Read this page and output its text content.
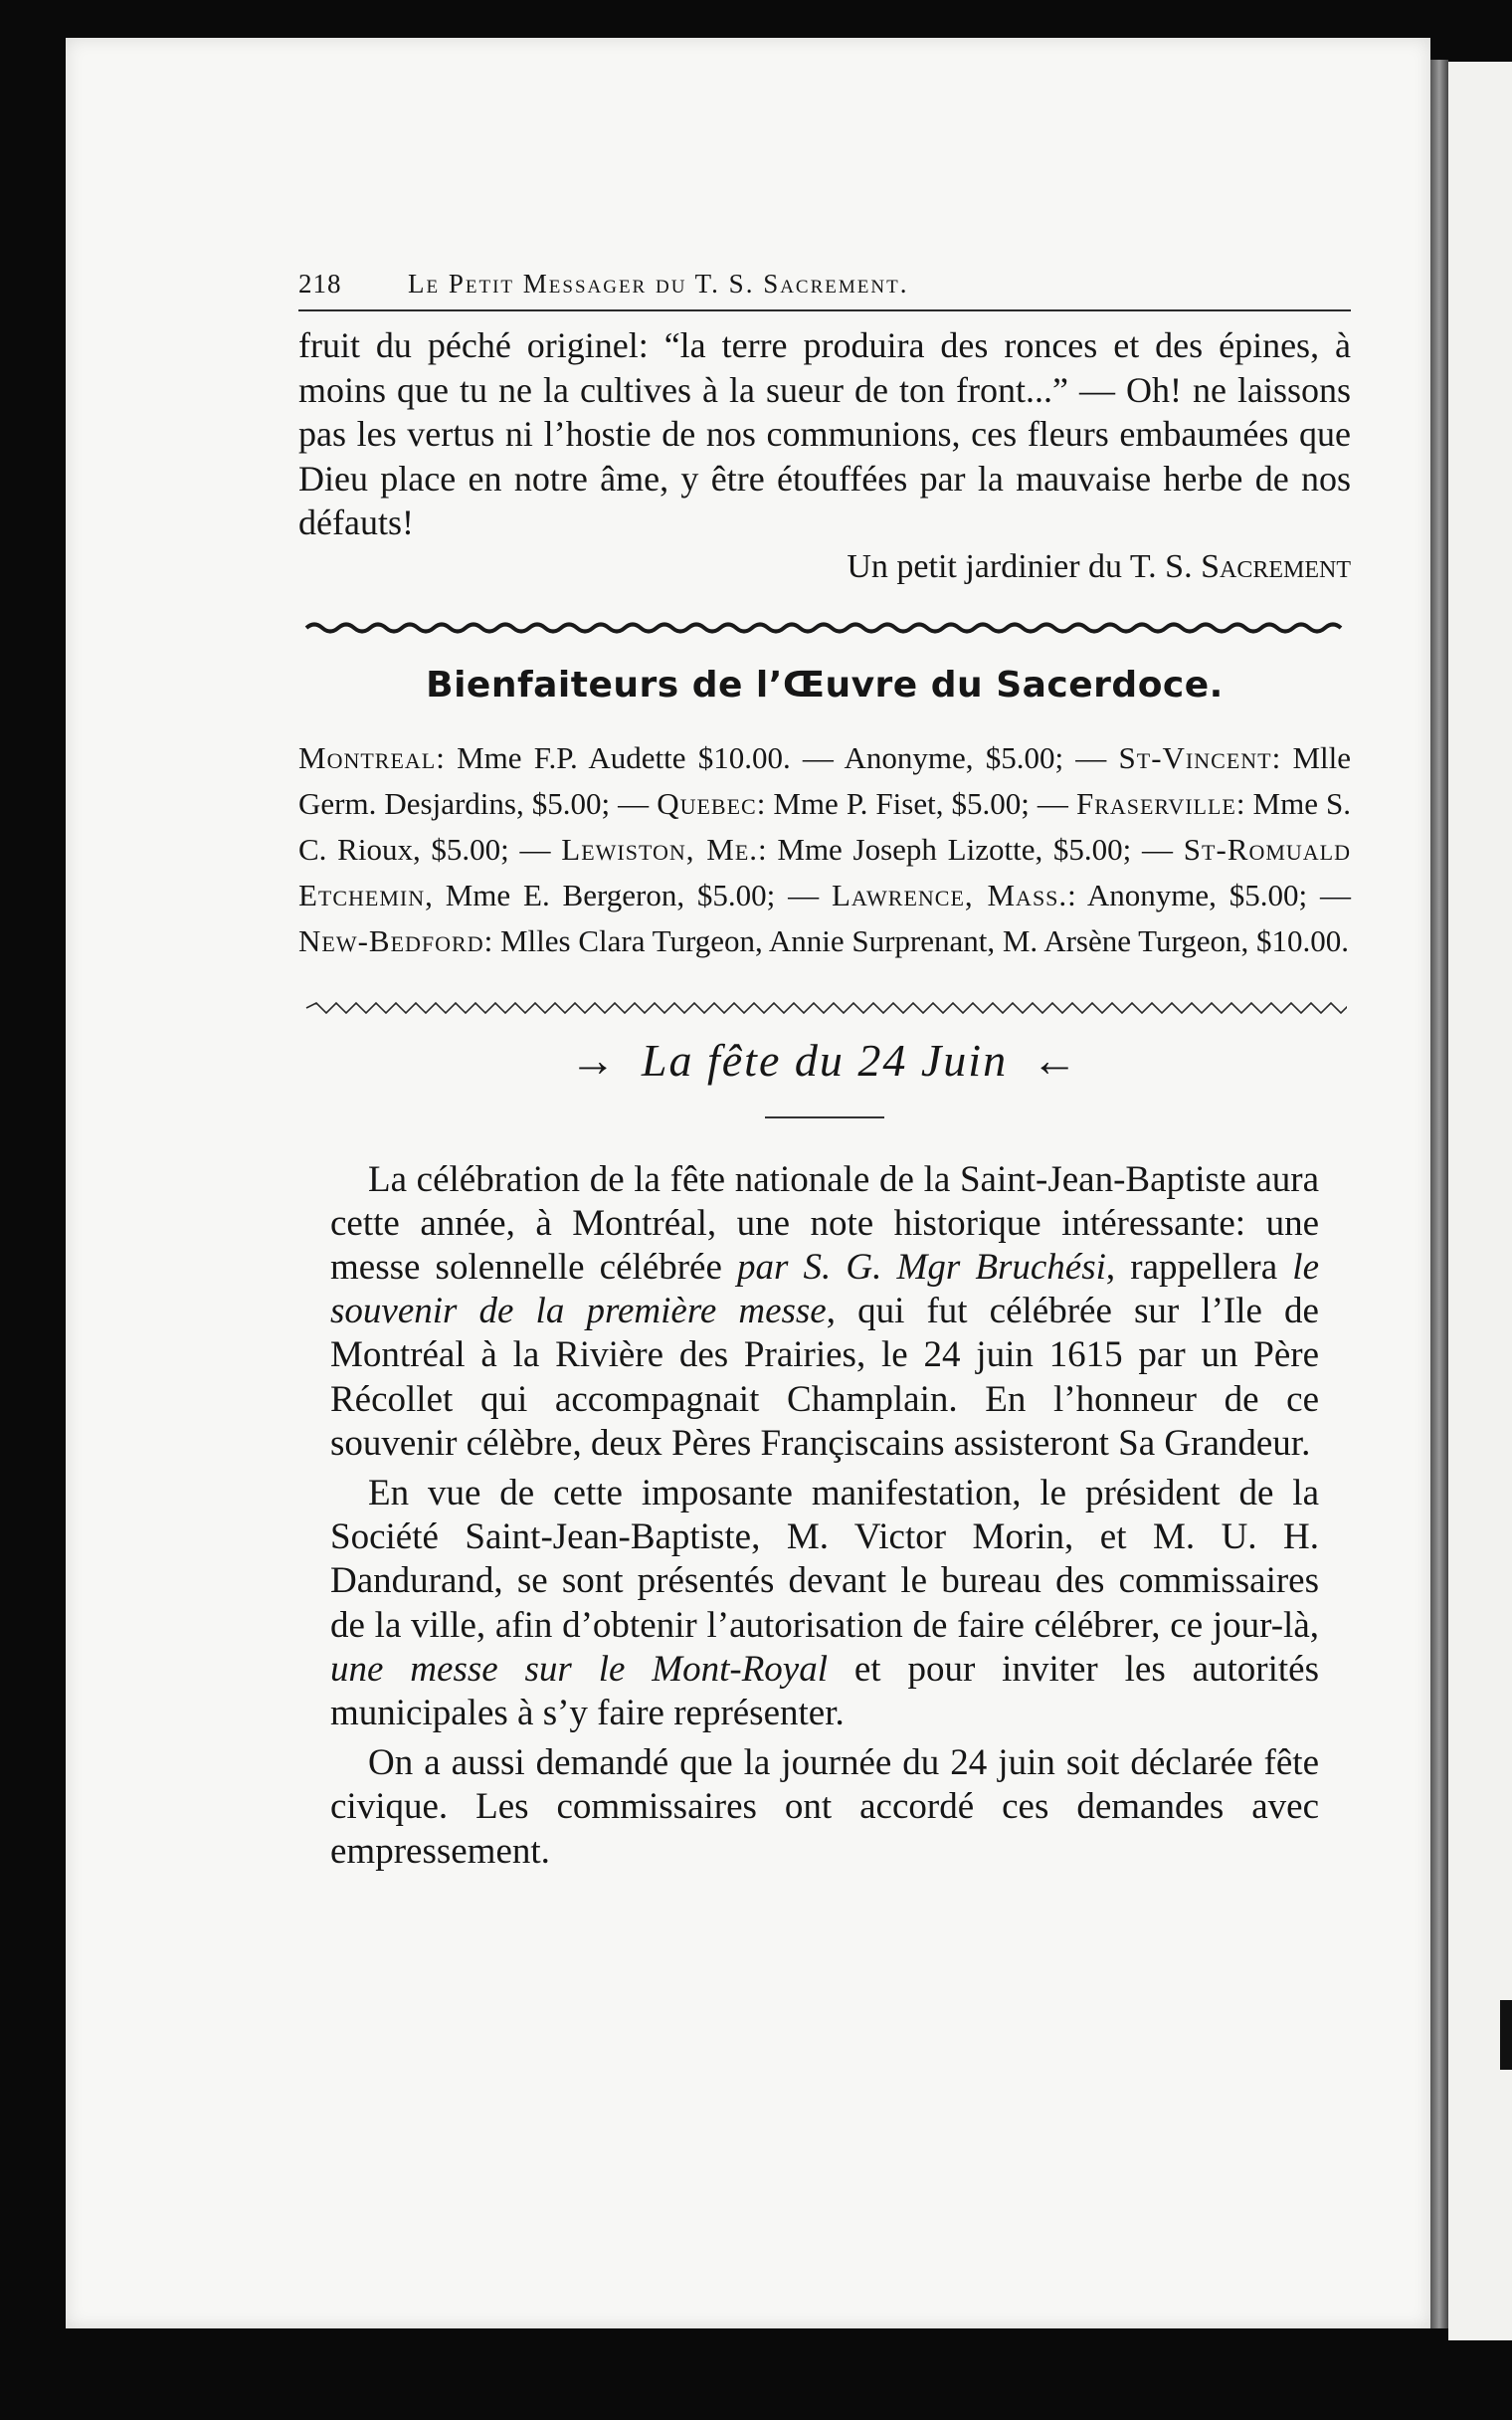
218	Le Petit Messager du T. S. Sacrement.

fruit du péché originel: “la terre produira des ronces et des épines, à moins que tu ne la cultives à la sueur de ton front...” — Oh! ne laissons pas les vertus ni l’hostie de nos communions, ces fleurs embaumées que Dieu place en notre âme, y être étouffées par la mauvaise herbe de nos défauts!

Un petit jardinier du T. S. Sacrement

Bienfaiteurs de l’Œuvre du Sacerdoce.

Montreal: Mme F.P. Audette $10.00. — Anonyme, $5.00; — St-Vincent: Mlle Germ. Desjardins, $5.00; — Quebec: Mme P. Fiset, $5.00; — Fraserville: Mme S. C. Rioux, $5.00; — Lewiston, Me.: Mme Joseph Lizotte, $5.00; — St-Romuald Etchemin, Mme E. Bergeron, $5.00; — Lawrence, Mass.: Anonyme, $5.00; — New-Bedford: Mlles Clara Turgeon, Annie Surprenant, M. Arsène Turgeon, $10.00.

→ La fête du 24 Juin ←

La célébration de la fête nationale de la Saint-Jean-Baptiste aura cette année, à Montréal, une note historique intéressante: une messe solennelle célébrée par S. G. Mgr Bruchési, rappellera le souvenir de la première messe, qui fut célébrée sur l’Ile de Montréal à la Rivière des Prairies, le 24 juin 1615 par un Père Récollet qui accompagnait Champlain. En l’honneur de ce souvenir célèbre, deux Pères Françiscains assisteront Sa Grandeur.

En vue de cette imposante manifestation, le président de la Société Saint-Jean-Baptiste, M. Victor Morin, et M. U. H. Dandurand, se sont présentés devant le bureau des commissaires de la ville, afin d’obtenir l’autorisation de faire célébrer, ce jour-là, une messe sur le Mont-Royal et pour inviter les autorités municipales à s’y faire représenter.

On a aussi demandé que la journée du 24 juin soit déclarée fête civique. Les commissaires ont accordé ces demandes avec empressement.
